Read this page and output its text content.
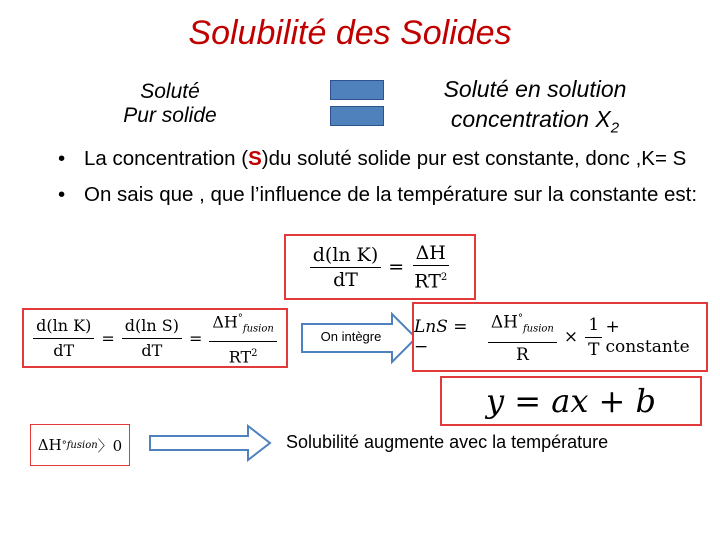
Solubilité des Solides
Soluté
Pur solide
Soluté en solution
concentration $X_2$
• La concentration (S)du soluté solide pur est constante, donc ,K= S
• On sais que , que l’influence de la température sur la constante est:
$\frac{\text{d(ln K)}}{dT} = \frac{\Delta H}{RT^2}$
$\frac{\text{d(ln K)}}{dT} = \frac{\text{d(ln S)}}{dT} = \frac{\Delta H^\circ_{fusion}}{RT^2}$	On intègre	LnS = −	$\frac{\Delta H^\circ_{fusion}}{R} \times \frac{1}{T}$ + constante
y = ax + b
ΔH ° fusion 〉0	Solubilité augmente avec la température
